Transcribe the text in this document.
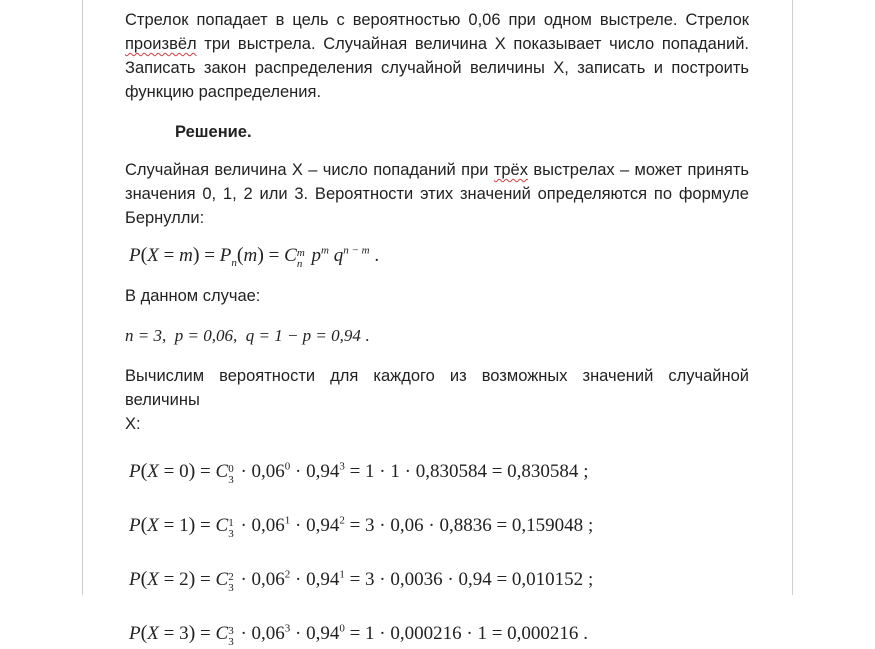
Стрелок попадает в цель с вероятностью 0,06 при одном выстреле. Стрелок

произвёл три выстрела. Случайная величина X показывает число попаданий.

Записать закон распределения случайной величины X, записать и построить

функцию распределения.

Решение.

Случайная величина X – число попаданий при трёх выстрелах – может принять

значения 0, 1, 2 или 3. Вероятности этих значений определяются по формуле

Бернулли:

$P(X = m) = P_n(m) = C$ m
n $p^m$ $q^{n - m}$ .

В данном случае:

n = 3, p = 0,06, q = 1 − p = 0,94 .

Вычислим вероятности для каждого из возможных значений случайной величины

X:

P(X = 0) = C 0
$3 \cdot 0,06^0 \cdot 0,94^3 = 1 \cdot 1 \cdot 0,830584 = 0,830584$ ;

P(X = 1) = C 1
$3 \cdot 0,06^1 \cdot 0,94^2 = 3 \cdot 0,06 \cdot 0,8836 = 0,159048$ ;

P(X = 2) = C 2
$3 \cdot 0,06^2 \cdot 0,94^1 = 3 \cdot 0,0036 \cdot 0,94 = 0,010152$ ;

P(X = 3) = C 3
$3 \cdot 0,06^3 \cdot 0,94^0 = 1 \cdot 0,000216 \cdot 1 = 0,000216$ .
